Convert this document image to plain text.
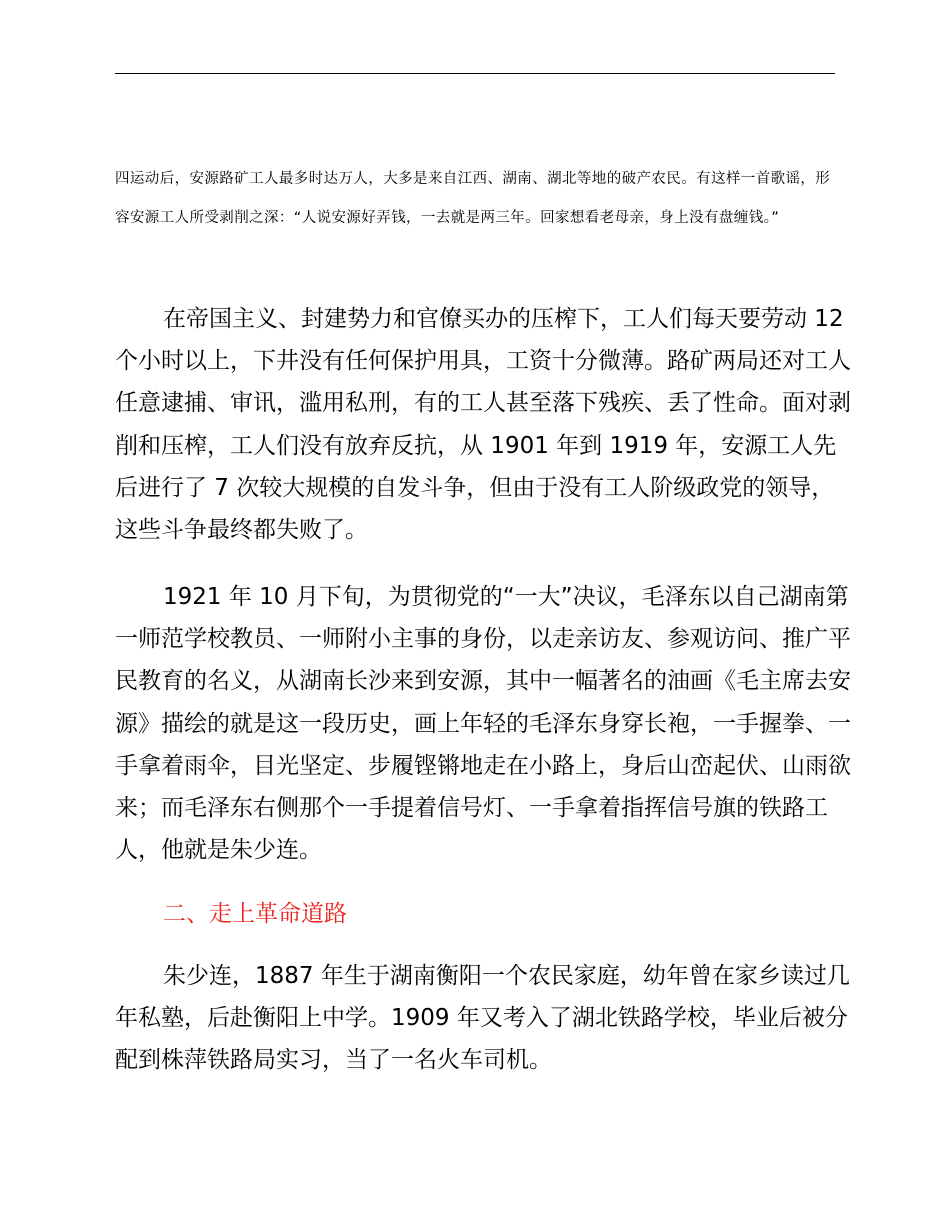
四运动后，安源路矿工人最多时达万人，大多是来自江西、湖南、湖北等地的破产农民。有这样一首歌谣，形容安源工人所受剥削之深：“人说安源好弄钱，一去就是两三年。回家想看老母亲，身上没有盘缠钱。”

在帝国主义、封建势力和官僚买办的压榨下，工人们每天要劳动 12 个小时以上，下井没有任何保护用具，工资十分微薄。路矿两局还对工人任意逮捕、审讯，滥用私刑，有的工人甚至落下残疾、丢了性命。面对剥削和压榨，工人们没有放弃反抗，从 1901 年到 1919 年，安源工人先后进行了 7 次较大规模的自发斗争，但由于没有工人阶级政党的领导，这些斗争最终都失败了。

1921 年 10 月下旬，为贯彻党的“一大”决议，毛泽东以自己湖南第一师范学校教员、一师附小主事的身份，以走亲访友、参观访问、推广平民教育的名义，从湖南长沙来到安源，其中一幅著名的油画《毛主席去安源》描绘的就是这一段历史，画上年轻的毛泽东身穿长袍，一手握拳、一手拿着雨伞，目光坚定、步履铿锵地走在小路上，身后山峦起伏、山雨欲来；而毛泽东右侧那个一手提着信号灯、一手拿着指挥信号旗的铁路工人，他就是朱少连。

二、走上革命道路

朱少连，1887 年生于湖南衡阳一个农民家庭，幼年曾在家乡读过几年私塾，后赴衡阳上中学。1909 年又考入了湖北铁路学校，毕业后被分配到株萍铁路局实习，当了一名火车司机。
